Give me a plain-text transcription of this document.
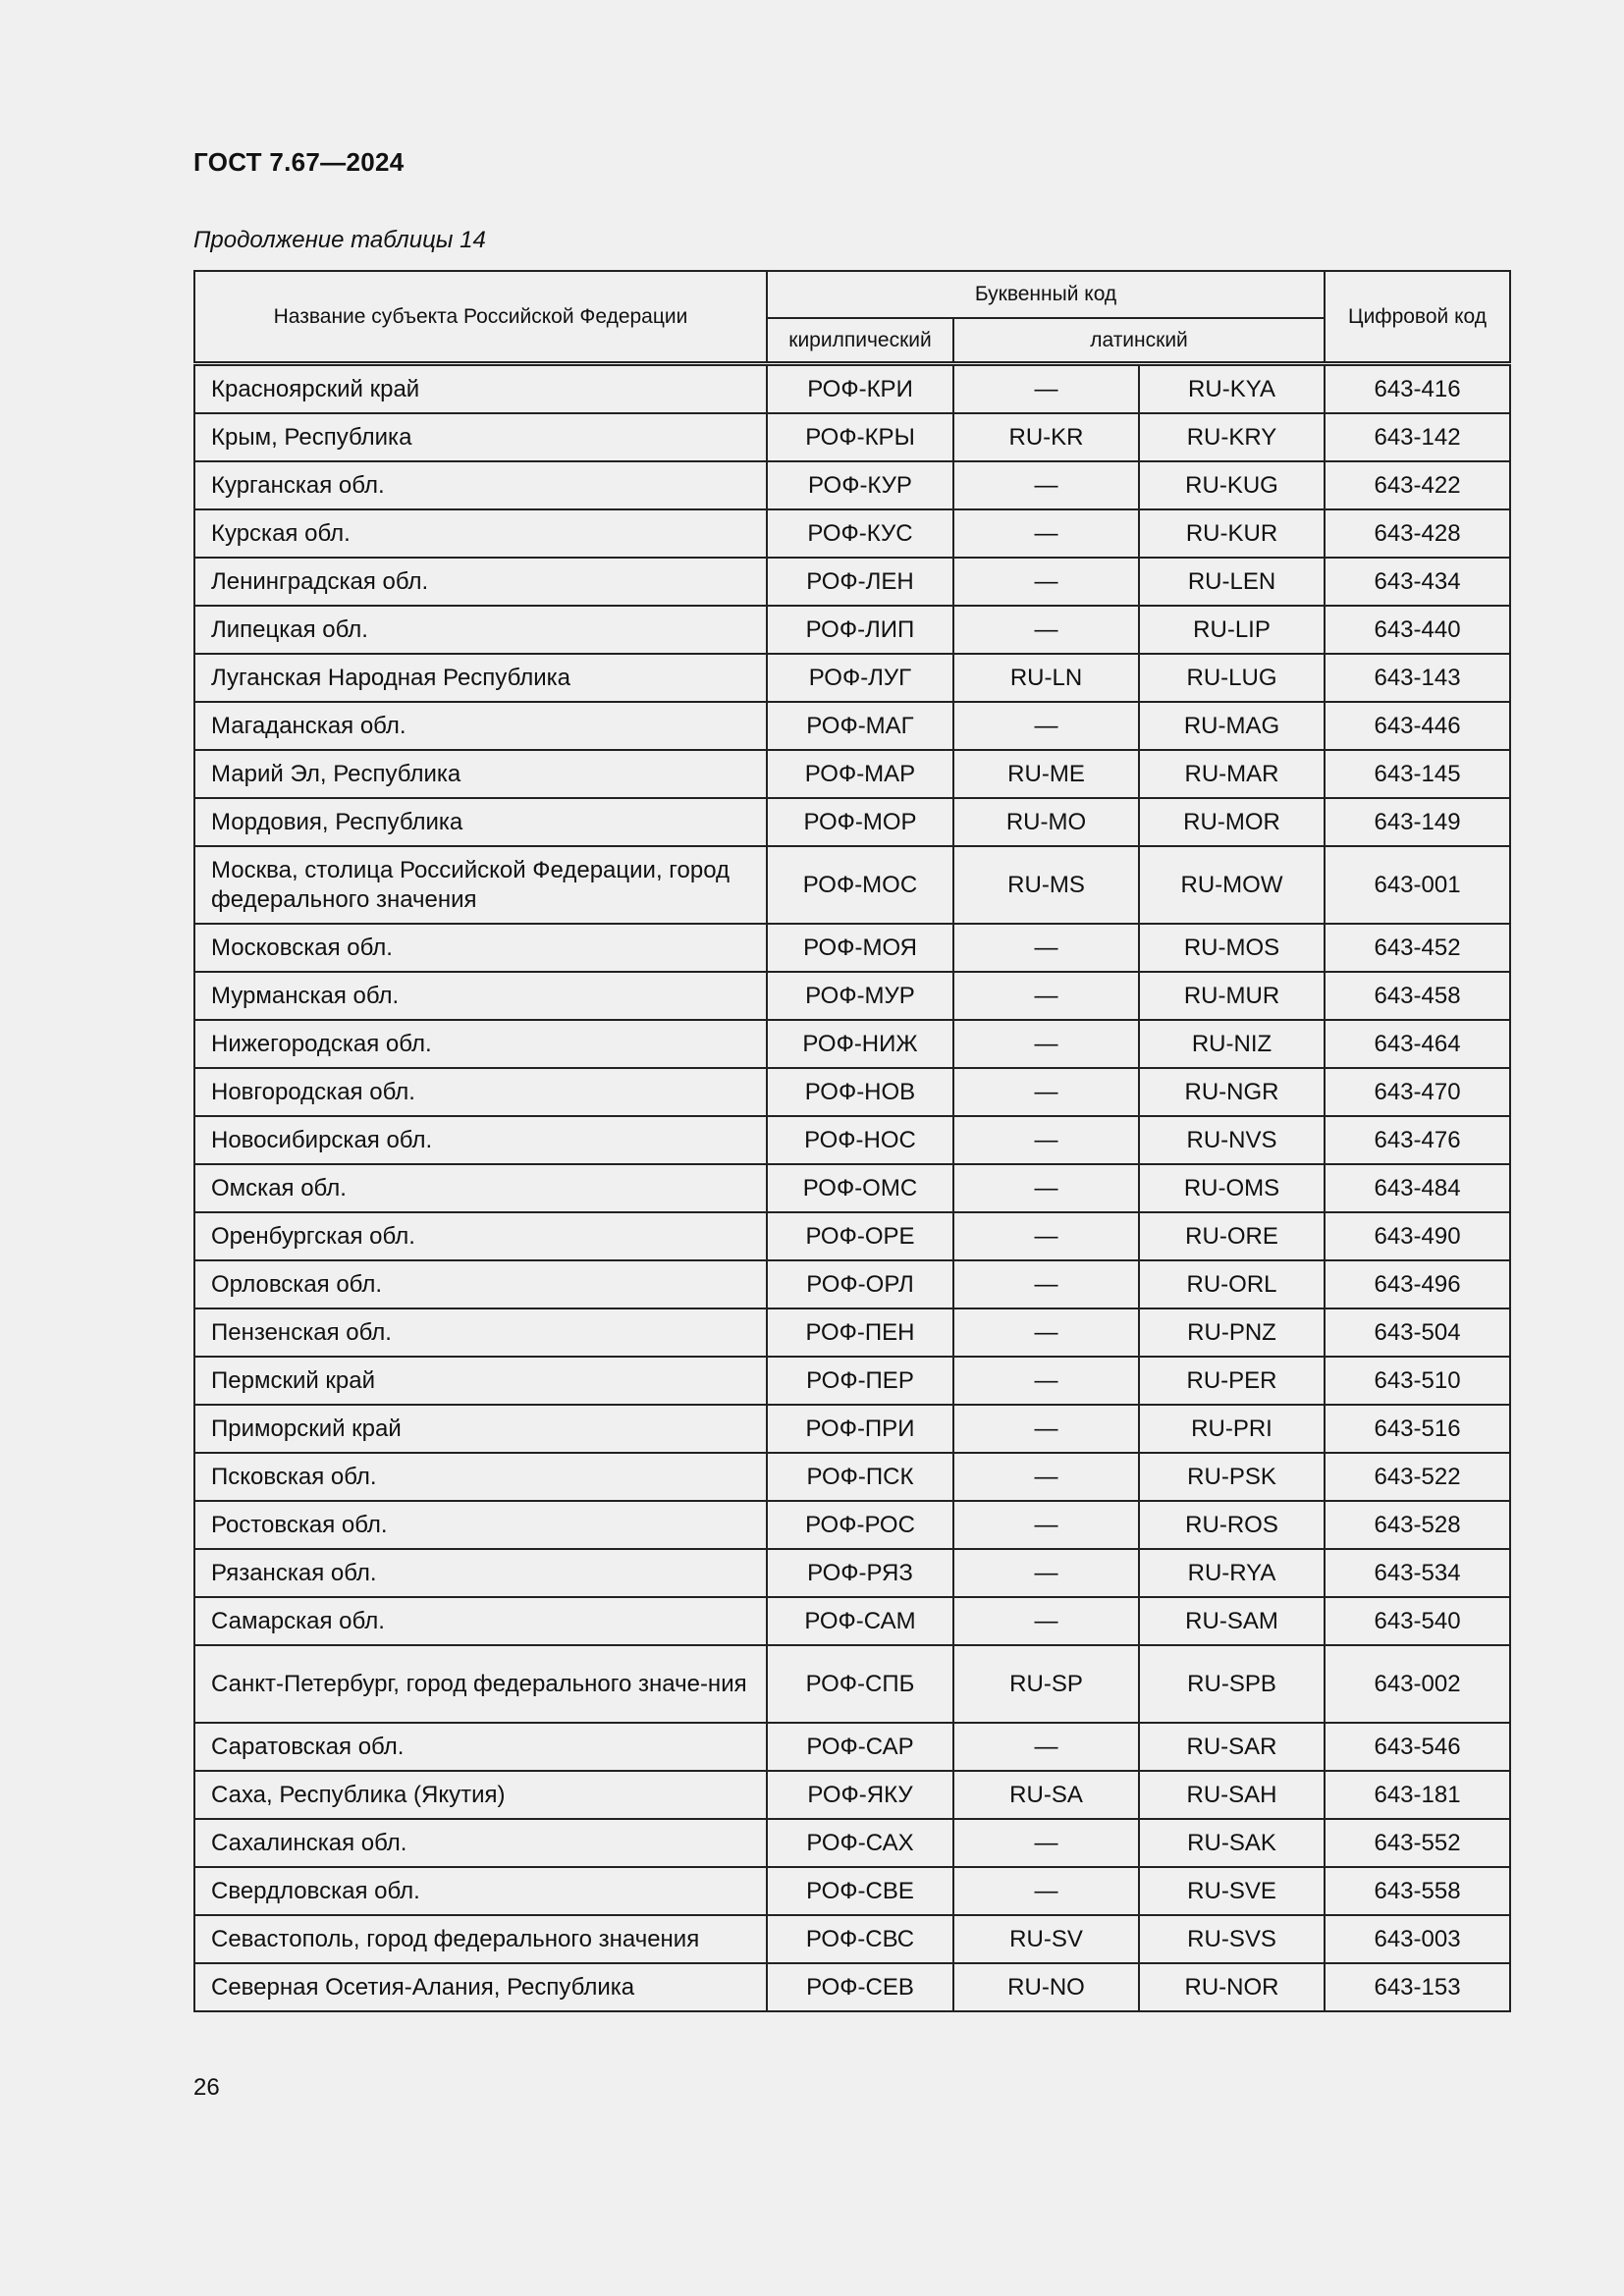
ГОСТ 7.67—2024
Продолжение таблицы 14
Название субъекта Российской Федерации	Буквенный код			Цифровой код
	кирилпический	латинский		
Красноярский край	РОФ-КРИ	—	RU-KYA	643-416
Крым, Республика	РОФ-КРЫ	RU-KR	RU-KRY	643-142
Курганская обл.	РОФ-КУР	—	RU-KUG	643-422
Курская обл.	РОФ-КУС	—	RU-KUR	643-428
Ленинградская обл.	РОФ-ЛЕН	—	RU-LEN	643-434
Липецкая обл.	РОФ-ЛИП	—	RU-LIP	643-440
Луганская Народная Республика	РОФ-ЛУГ	RU-LN	RU-LUG	643-143
Магаданская обл.	РОФ-МАГ	—	RU-MAG	643-446
Марий Эл, Республика	РОФ-МАР	RU-ME	RU-MAR	643-145
Мордовия, Республика	РОФ-МОР	RU-MO	RU-MOR	643-149
Москва, столица Российской Федерации, город федерального значения	РОФ-МОС	RU-MS	RU-MOW	643-001
Московская обл.	РОФ-МОЯ	—	RU-MOS	643-452
Мурманская обл.	РОФ-МУР	—	RU-MUR	643-458
Нижегородская обл.	РОФ-НИЖ	—	RU-NIZ	643-464
Новгородская обл.	РОФ-НОВ	—	RU-NGR	643-470
Новосибирская обл.	РОФ-НОС	—	RU-NVS	643-476
Омская обл.	РОФ-ОМС	—	RU-OMS	643-484
Оренбургская обл.	РОФ-ОРЕ	—	RU-ORE	643-490
Орловская обл.	РОФ-ОРЛ	—	RU-ORL	643-496
Пензенская обл.	РОФ-ПЕН	—	RU-PNZ	643-504
Пермский край	РОФ-ПЕР	—	RU-PER	643-510
Приморский край	РОФ-ПРИ	—	RU-PRI	643-516
Псковская обл.	РОФ-ПСК	—	RU-PSK	643-522
Ростовская обл.	РОФ-РОС	—	RU-ROS	643-528
Рязанская обл.	РОФ-РЯЗ	—	RU-RYA	643-534
Самарская обл.	РОФ-САМ	—	RU-SAM	643-540
Санкт-Петербург, город федерального значе-ния	РОФ-СПБ	RU-SP	RU-SPB	643-002
Саратовская обл.	РОФ-САР	—	RU-SAR	643-546
Саха, Республика (Якутия)	РОФ-ЯКУ	RU-SA	RU-SAH	643-181
Сахалинская обл.	РОФ-САХ	—	RU-SAK	643-552
Свердловская обл.	РОФ-СВЕ	—	RU-SVE	643-558
Севастополь, город федерального значения	РОФ-СВС	RU-SV	RU-SVS	643-003
Северная Осетия-Алания, Республика	РОФ-СЕВ	RU-NO	RU-NOR	643-153
26
